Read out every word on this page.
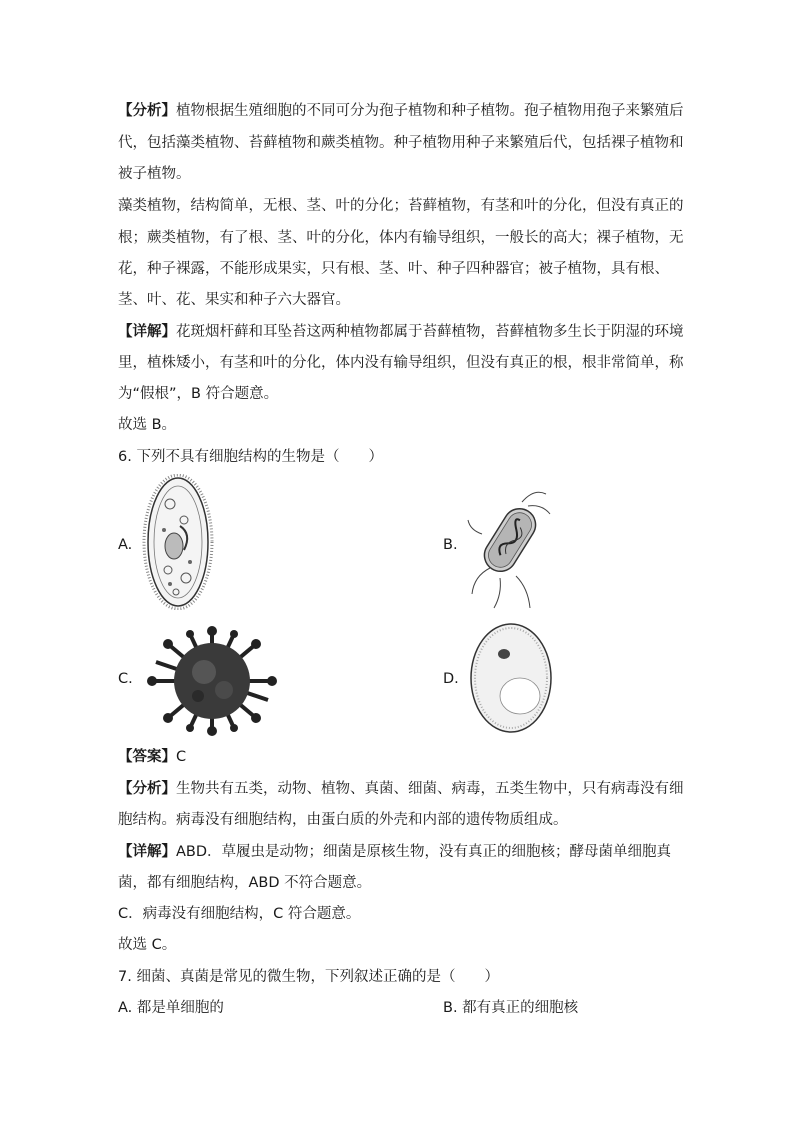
【分析】植物根据生殖细胞的不同可分为孢子植物和种子植物。孢子植物用孢子来繁殖后
代，包括藻类植物、苔藓植物和蕨类植物。种子植物用种子来繁殖后代，包括裸子植物和
被子植物。
藻类植物，结构简单，无根、茎、叶的分化；苔藓植物，有茎和叶的分化，但没有真正的
根；蕨类植物，有了根、茎、叶的分化，体内有输导组织，一般长的高大；裸子植物，无
花，种子裸露，不能形成果实，只有根、茎、叶、种子四种器官；被子植物，具有根、
茎、叶、花、果实和种子六大器官。
【详解】花斑烟杆藓和耳坠苔这两种植物都属于苔藓植物，苔藓植物多生长于阴湿的环境
里，植株矮小，有茎和叶的分化，体内没有输导组织，但没有真正的根，根非常简单，称
为“假根”，B 符合题意。
故选 B。
6. 下列不具有细胞结构的生物是（　　）
A.	B.
C.	D.
【答案】C
【分析】生物共有五类，动物、植物、真菌、细菌、病毒，五类生物中，只有病毒没有细
胞结构。病毒没有细胞结构，由蛋白质的外壳和内部的遗传物质组成。
【详解】ABD．草履虫是动物；细菌是原核生物，没有真正的细胞核；酵母菌单细胞真
菌，都有细胞结构，ABD 不符合题意。
C．病毒没有细胞结构，C 符合题意。
故选 C。
7. 细菌、真菌是常见的微生物，下列叙述正确的是（　　）
A. 都是单细胞的	B. 都有真正的细胞核
